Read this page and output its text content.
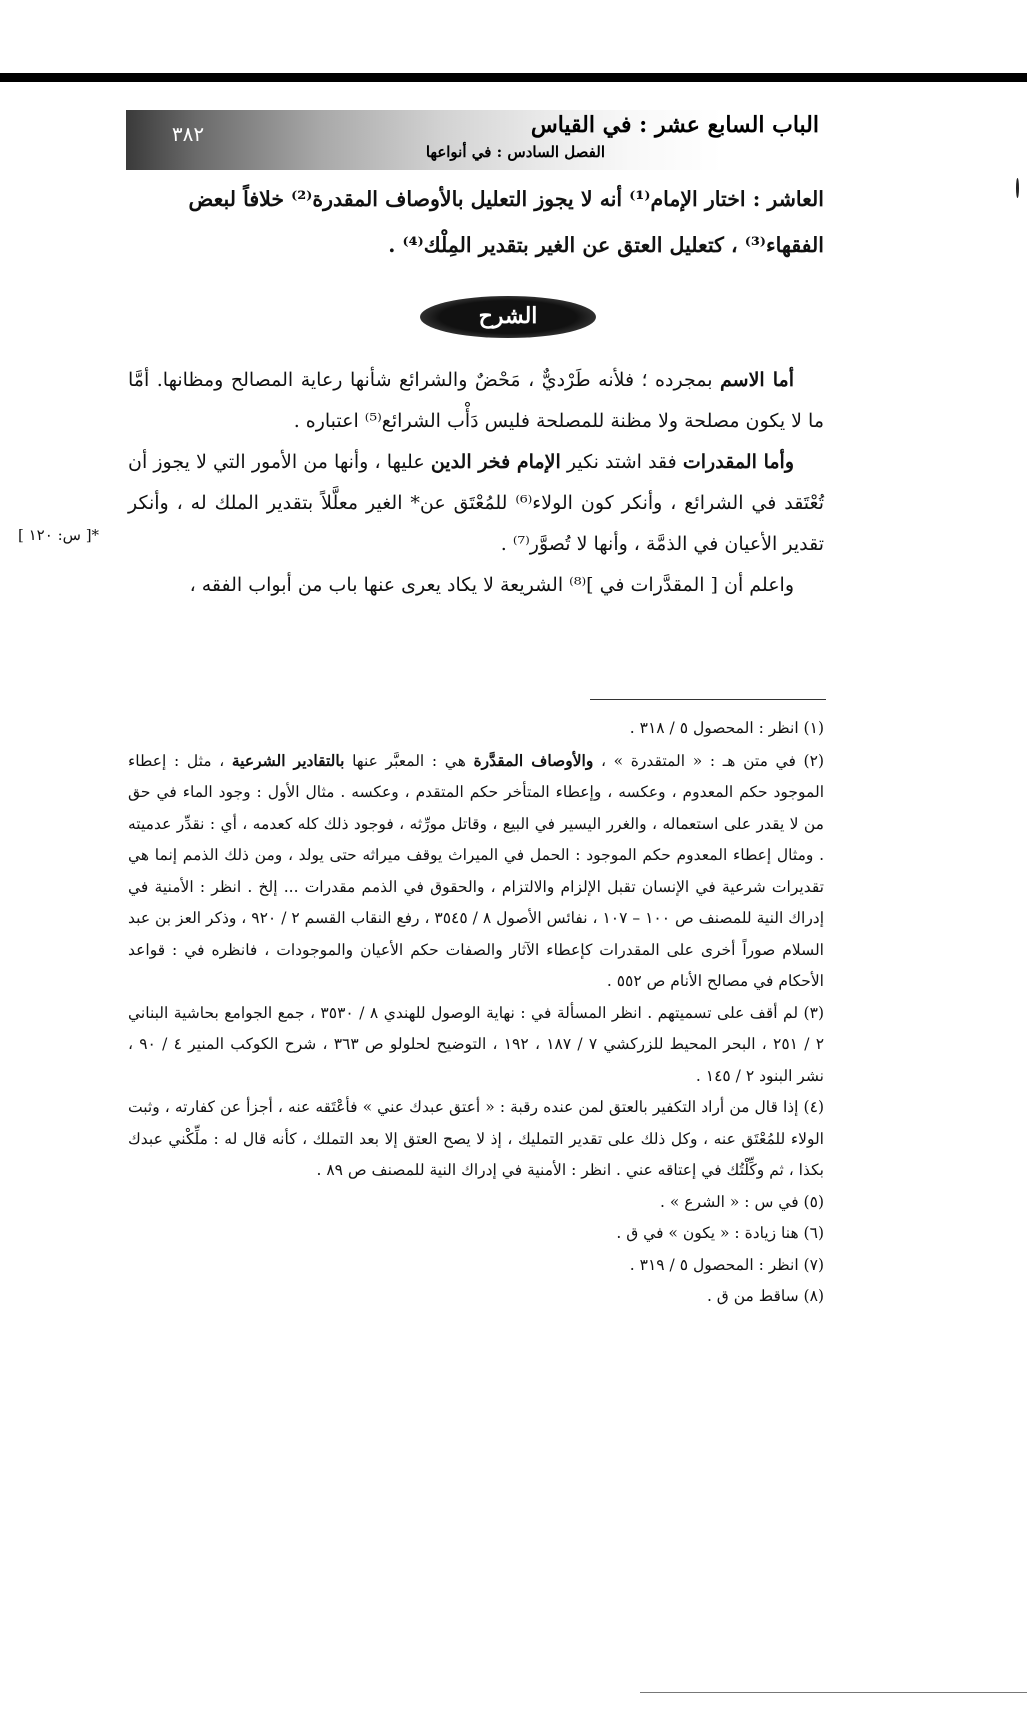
٣٨٢	الباب السابع عشر : في القياس
الفصل السادس : في أنواعها
العاشر : اختار الإمام⁽¹⁾ أنه لا يجوز التعليل بالأوصاف المقدرة⁽²⁾ خلافاً لبعض
الفقهاء⁽³⁾ ، كتعليل العتق عن الغير بتقدير المِلْك⁽⁴⁾ .
الشرح

أما الاسم بمجرده ؛ فلأنه طَرْديٌّ ، مَحْضٌ والشرائع شأنها رعاية المصالح ومظانها. أمَّا ما لا يكون مصلحة ولا مظنة للمصلحة فليس دَأْب الشرائع⁽⁵⁾ اعتباره .

وأما المقدرات فقد اشتد نكير الإمام فخر الدين عليها ، وأنها من الأمور التي لا يجوز أن تُعْتَقد في الشرائع ، وأنكر كون الولاء⁽⁶⁾ للمُعْتَق عن* الغير معلَّلاً بتقدير الملك له ، وأنكر تقدير الأعيان في الذمَّة ، وأنها لا تُصوَّر⁽⁷⁾ .

واعلم أن [ المقدَّرات في ]⁽⁸⁾ الشريعة لا يكاد يعرى عنها باب من أبواب الفقه ،

*[ س: ١٢٠ ]
(١) انظر : المحصول ٥ / ٣١٨ .
(٢) في متن هـ : « المتقدرة » ، والأوصاف المقدَّرة هي : المعبَّر عنها بالتقادير الشرعية ، مثل : إعطاء الموجود حكم المعدوم ، وعكسه ، وإعطاء المتأخر حكم المتقدم ، وعكسه . مثال الأول : وجود الماء في حق من لا يقدر على استعماله ، والغرر اليسير في البيع ، وقاتل مورِّثه ، فوجود ذلك كله كعدمه ، أي : نقدِّر عدميته . ومثال إعطاء المعدوم حكم الموجود : الحمل في الميراث يوقف ميراثه حتى يولد ، ومن ذلك الذمم إنما هي تقديرات شرعية في الإنسان تقبل الإلزام والالتزام ، والحقوق في الذمم مقدرات ... إلخ . انظر : الأمنية في إدراك النية للمصنف ص ١٠٠ – ١٠٧ ، نفائس الأصول ٨ / ٣٥٤٥ ، رفع النقاب القسم ٢ / ٩٢٠ ، وذكر العز بن عبد السلام صوراً أخرى على المقدرات كإعطاء الآثار والصفات حكم الأعيان والموجودات ، فانظره في : قواعد الأحكام في مصالح الأنام ص ٥٥٢ .
(٣) لم أقف على تسميتهم . انظر المسألة في : نهاية الوصول للهندي ٨ / ٣٥٣٠ ، جمع الجوامع بحاشية البناني ٢ / ٢٥١ ، البحر المحيط للزركشي ٧ / ١٨٧ ، ١٩٢ ، التوضيح لحلولو ص ٣٦٣ ، شرح الكوكب المنير ٤ / ٩٠ ، نشر البنود ٢ / ١٤٥ .
(٤) إذا قال من أراد التكفير بالعتق لمن عنده رقبة : « أعتق عبدك عني » فأعْتَقه عنه ، أجزأ عن كفارته ، وثبت الولاء للمُعْتَق عنه ، وكل ذلك على تقدير التمليك ، إذ لا يصح العتق إلا بعد التملك ، كأنه قال له : ملِّكْني عبدك بكذا ، ثم وكِّلْتُك في إعتاقه عني . انظر : الأمنية في إدراك النية للمصنف ص ٨٩ .
(٥) في س : « الشرع » .
(٦) هنا زيادة : « يكون » في ق .
(٧) انظر : المحصول ٥ / ٣١٩ .
(٨) ساقط من ق .
